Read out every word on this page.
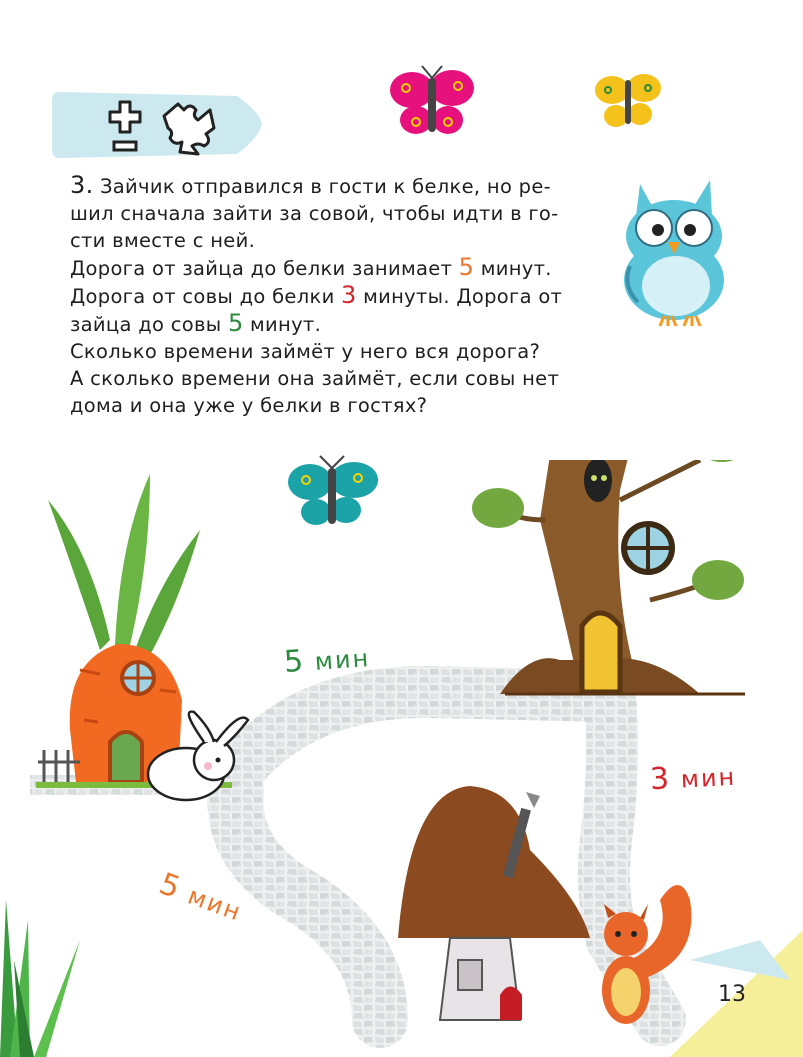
3. Зайчик отправился в гости к белке, но ре-
шил сначала зайти за совой, чтобы идти в го-
сти вместе с ней.
Дорога от зайца до белки занимает 5 минут.
Дорога от совы до белки 3 минуты. Дорога от
зайца до совы 5 минут.
Сколько времени займёт у него вся дорога?
А сколько времени она займёт, если совы нет
дома и она уже у белки в гостях?
5 мин
3 мин
5 мин
13
